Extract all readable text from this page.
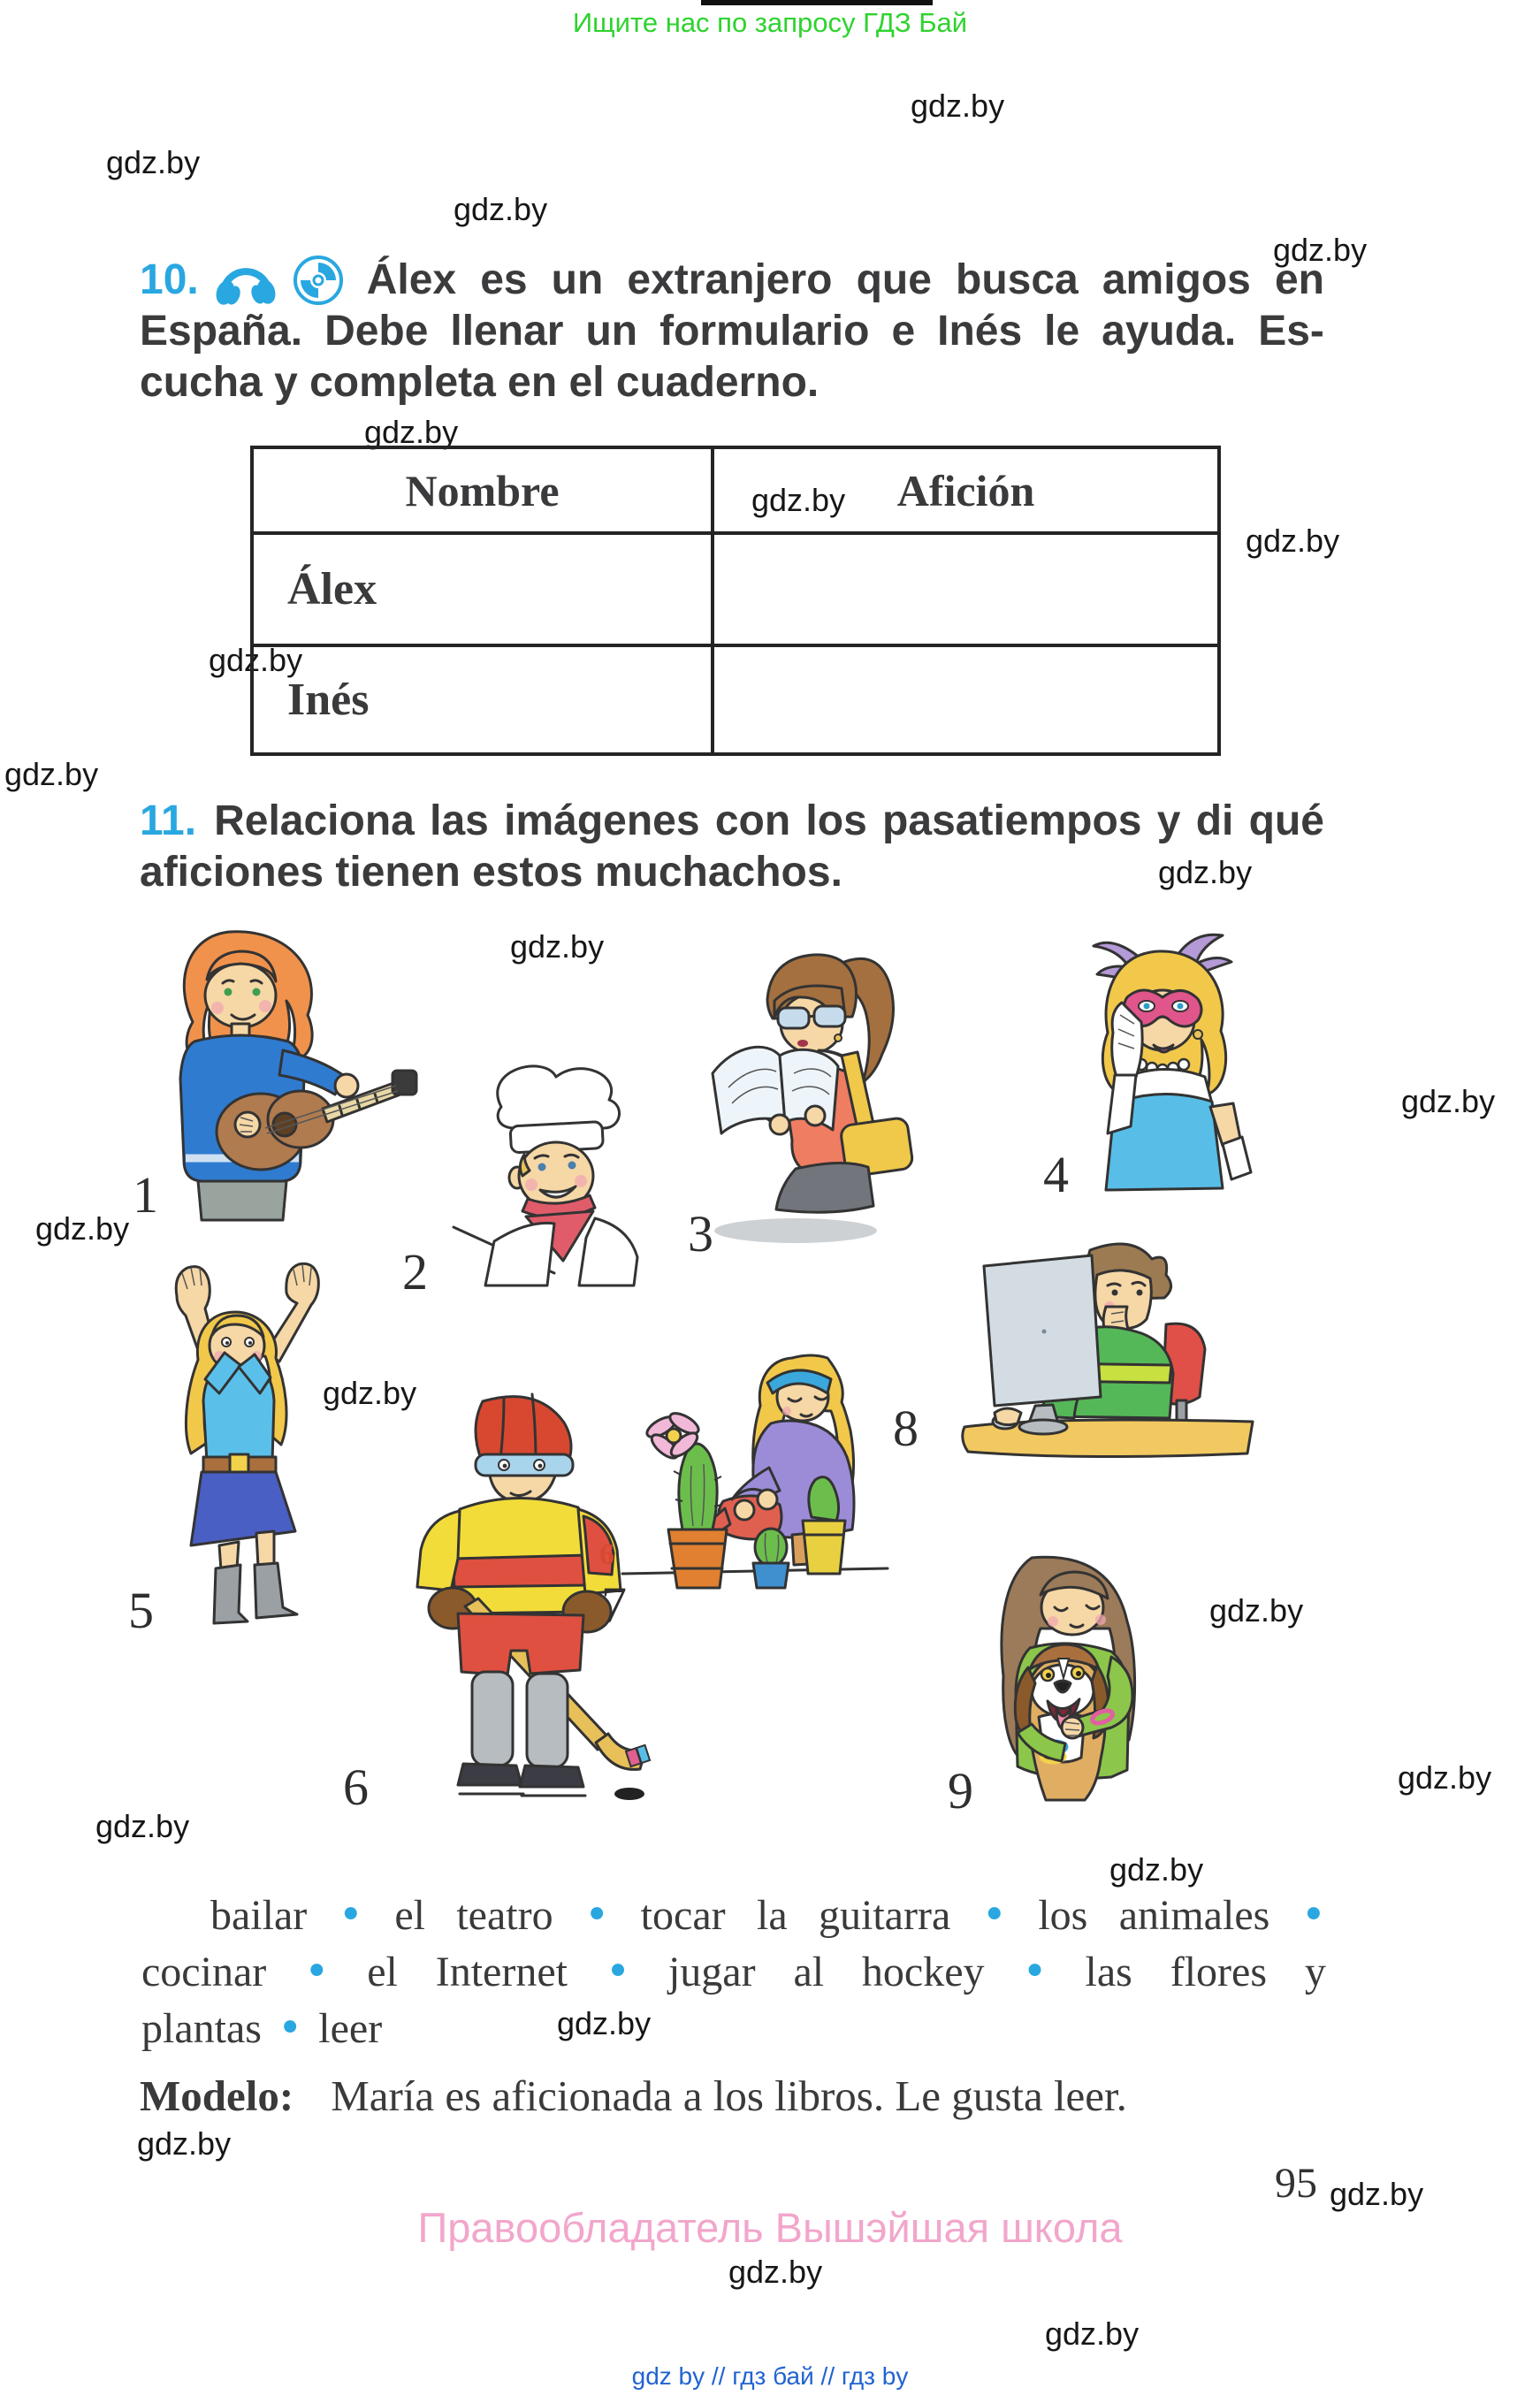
Ищите нас по запросу ГДЗ Бай
gdz.by
gdz.by
gdz.by
gdz.by
gdz.by
gdz.by
gdz.by
gdz.by
gdz.by
gdz.by
gdz.by
gdz.by
gdz.by
gdz.by
gdz.by
gdz.by
gdz.by
gdz.by
gdz.by
gdz.by
gdz.by
gdz.by
gdz.by
10.	Álex es un extranjero que busca amigos en
España. Debe llenar un formulario e Inés le ayuda. Es-
cucha y completa en el cuaderno.
Nombre	Afición
Álex
Inés
11. Relaciona las imágenes con los pasatiempos y di qué
aficiones tienen estos muchachos.
6
1
2
3
4
5
6
7
8
9
bailar • el teatro • tocar la guitarra • los animales •
cocinar • el Internet • jugar al hockey • las flores y
plantas • leer
Modelo: María es aficionada a los libros. Le gusta leer.
95
Правообладатель Вышэйшая школа
gdz by // гдз бай // гдз by
